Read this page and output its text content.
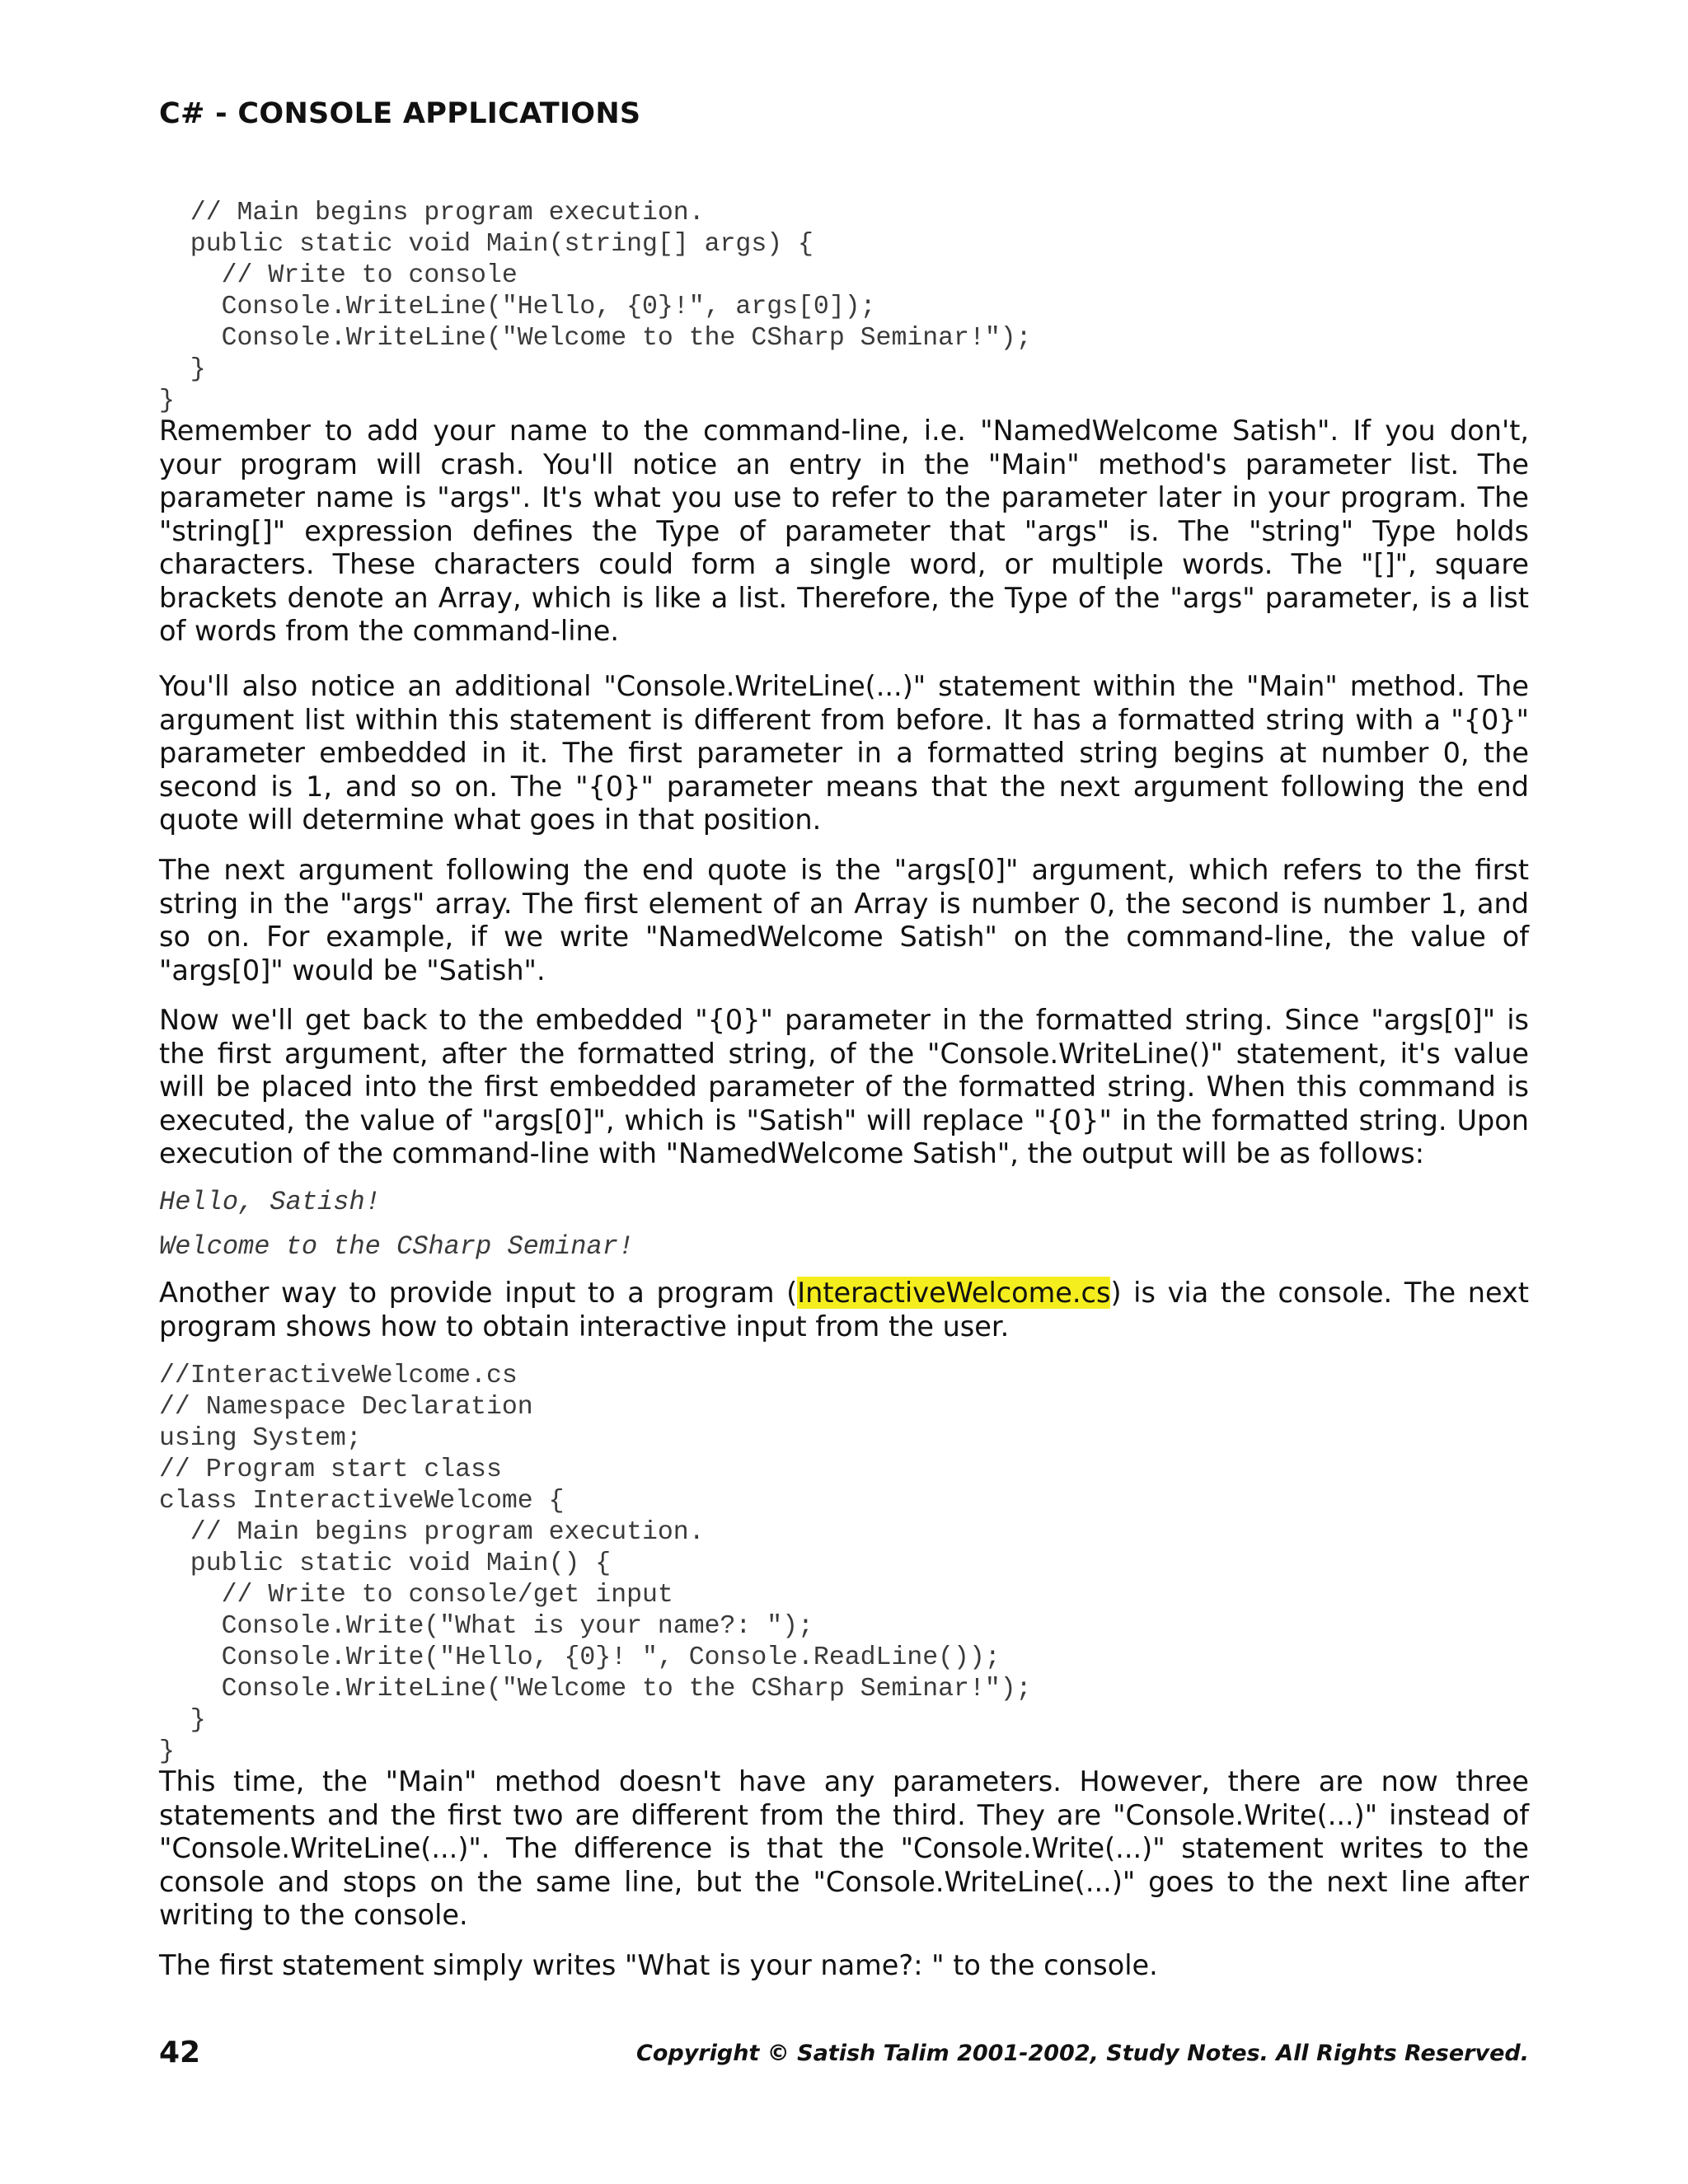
C# - CONSOLE APPLICATIONS
// Main begins program execution.
public static void Main(string[] args) {
// Write to console
Console.WriteLine("Hello, {0}!", args[0]);
Console.WriteLine("Welcome to the CSharp Seminar!");
}
}

Remember to add your name to the command-line, i.e. "NamedWelcome Satish". If you don't, your program will crash. You'll notice an entry in the "Main" method's parameter list. The parameter name is "args". It's what you use to refer to the parameter later in your program. The "string[]" expression defines the Type of parameter that "args" is. The "string" Type holds characters. These characters could form a single word, or multiple words. The "[]", square brackets denote an Array, which is like a list. Therefore, the Type of the "args" parameter, is a list of words from the command-line.

You'll also notice an additional "Console.WriteLine(...)" statement within the "Main" method. The argument list within this statement is different from before. It has a formatted string with a "{0}" parameter embedded in it. The first parameter in a formatted string begins at number 0, the second is 1, and so on. The "{0}" parameter means that the next argument following the end quote will determine what goes in that position.

The next argument following the end quote is the "args[0]" argument, which refers to the first string in the "args" array. The first element of an Array is number 0, the second is number 1, and so on. For example, if we write "NamedWelcome Satish" on the command-line, the value of "args[0]" would be "Satish".

Now we'll get back to the embedded "{0}" parameter in the formatted string. Since "args[0]" is the first argument, after the formatted string, of the "Console.WriteLine()" statement, it's value will be placed into the first embedded parameter of the formatted string. When this command is executed, the value of "args[0]", which is "Satish" will replace "{0}" in the formatted string. Upon execution of the command-line with "NamedWelcome Satish", the output will be as follows:

Hello, Satish!
Welcome to the CSharp Seminar!

Another way to provide input to a program (InteractiveWelcome.cs) is via the console. The next program shows how to obtain interactive input from the user.

//InteractiveWelcome.cs
// Namespace Declaration
using System;
// Program start class
class InteractiveWelcome {
// Main begins program execution.
public static void Main() {
// Write to console/get input
Console.Write("What is your name?: ");
Console.Write("Hello, {0}! ", Console.ReadLine());
Console.WriteLine("Welcome to the CSharp Seminar!");
}
}

This time, the "Main" method doesn't have any parameters. However, there are now three statements and the first two are different from the third. They are "Console.Write(...)" instead of "Console.WriteLine(...)". The difference is that the "Console.Write(...)" statement writes to the console and stops on the same line, but the "Console.WriteLine(...)" goes to the next line after writing to the console.

The first statement simply writes "What is your name?: " to the console.

42	Copyright © Satish Talim 2001-2002, Study Notes. All Rights Reserved.
